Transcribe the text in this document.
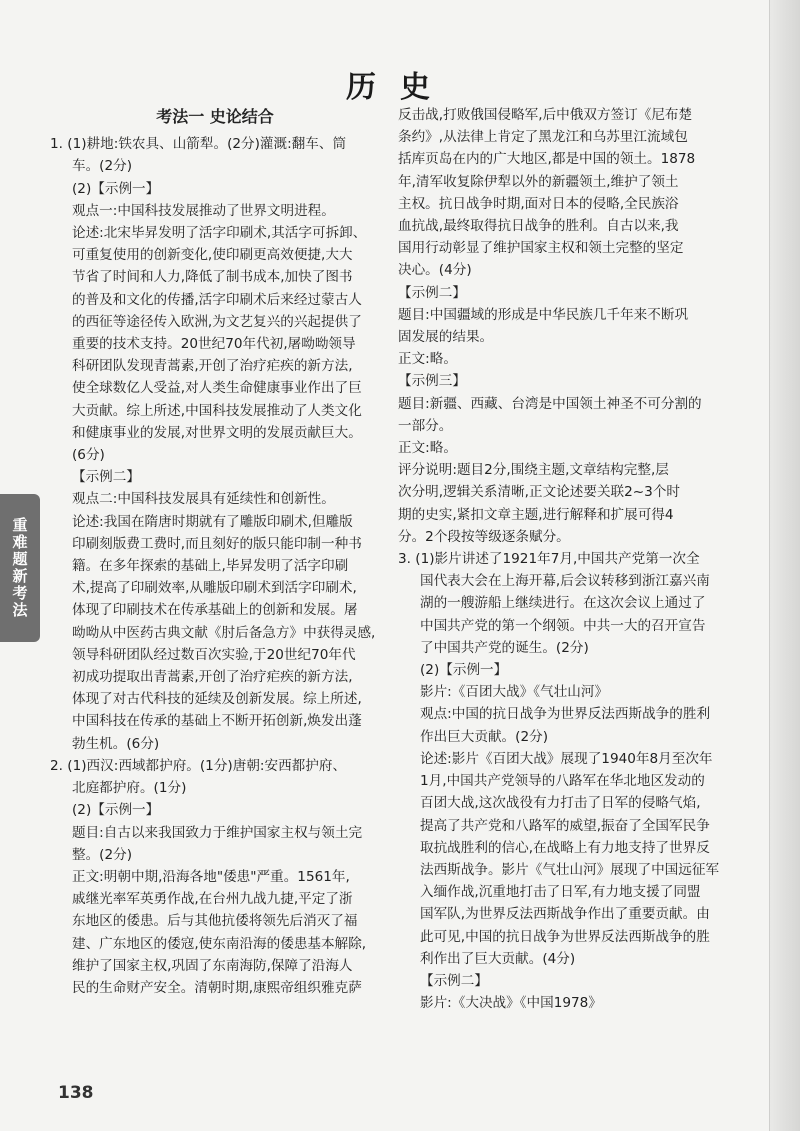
历史
考法一 史论结合
1. (1)耕地:铁农具、山箭犁。(2分)灌溉:翻车、筒
车。(2分)
(2)【示例一】
观点一:中国科技发展推动了世界文明进程。
论述:北宋毕昇发明了活字印刷术,其活字可拆卸、
可重复使用的创新变化,使印刷更高效便捷,大大
节省了时间和人力,降低了制书成本,加快了图书
的普及和文化的传播,活字印刷术后来经过蒙古人
的西征等途径传入欧洲,为文艺复兴的兴起提供了
重要的技术支持。20世纪70年代初,屠呦呦领导
科研团队发现青蒿素,开创了治疗疟疾的新方法,
使全球数亿人受益,对人类生命健康事业作出了巨
大贡献。综上所述,中国科技发展推动了人类文化
和健康事业的发展,对世界文明的发展贡献巨大。
(6分)
【示例二】
观点二:中国科技发展具有延续性和创新性。
论述:我国在隋唐时期就有了雕版印刷术,但雕版
印刷刻版费工费时,而且刻好的版只能印制一种书
籍。在多年探索的基础上,毕昇发明了活字印刷
术,提高了印刷效率,从雕版印刷术到活字印刷术,
体现了印刷技术在传承基础上的创新和发展。屠
呦呦从中医药古典文献《肘后备急方》中获得灵感,
领导科研团队经过数百次实验,于20世纪70年代
初成功提取出青蒿素,开创了治疗疟疾的新方法,
体现了对古代科技的延续及创新发展。综上所述,
中国科技在传承的基础上不断开拓创新,焕发出蓬
勃生机。(6分)
2. (1)西汉:西域都护府。(1分)唐朝:安西都护府、
北庭都护府。(1分)
(2)【示例一】
题目:自古以来我国致力于维护国家主权与领土完
整。(2分)
正文:明朝中期,沿海各地"倭患"严重。1561年,
戚继光率军英勇作战,在台州九战九捷,平定了浙
东地区的倭患。后与其他抗倭将领先后消灭了福
建、广东地区的倭寇,使东南沿海的倭患基本解除,
维护了国家主权,巩固了东南海防,保障了沿海人
民的生命财产安全。清朝时期,康熙帝组织雅克萨
反击战,打败俄国侵略军,后中俄双方签订《尼布楚
条约》,从法律上肯定了黑龙江和乌苏里江流域包
括库页岛在内的广大地区,都是中国的领土。1878
年,清军收复除伊犁以外的新疆领土,维护了领土
主权。抗日战争时期,面对日本的侵略,全民族浴
血抗战,最终取得抗日战争的胜利。自古以来,我
国用行动彰显了维护国家主权和领土完整的坚定
决心。(4分)
【示例二】
题目:中国疆域的形成是中华民族几千年来不断巩
固发展的结果。
正文:略。
【示例三】
题目:新疆、西藏、台湾是中国领土神圣不可分割的
一部分。
正文:略。
评分说明:题目2分,围绕主题,文章结构完整,层
次分明,逻辑关系清晰,正文论述要关联2~3个时
期的史实,紧扣文章主题,进行解释和扩展可得4
分。2个段按等级逐条赋分。
3. (1)影片讲述了1921年7月,中国共产党第一次全
国代表大会在上海开幕,后会议转移到浙江嘉兴南
湖的一艘游船上继续进行。在这次会议上通过了
中国共产党的第一个纲领。中共一大的召开宣告
了中国共产党的诞生。(2分)
(2)【示例一】
影片:《百团大战》《气壮山河》
观点:中国的抗日战争为世界反法西斯战争的胜利
作出巨大贡献。(2分)
论述:影片《百团大战》展现了1940年8月至次年
1月,中国共产党领导的八路军在华北地区发动的
百团大战,这次战役有力打击了日军的侵略气焰,
提高了共产党和八路军的威望,振奋了全国军民争
取抗战胜利的信心,在战略上有力地支持了世界反
法西斯战争。影片《气壮山河》展现了中国远征军
入缅作战,沉重地打击了日军,有力地支援了同盟
国军队,为世界反法西斯战争作出了重要贡献。由
此可见,中国的抗日战争为世界反法西斯战争的胜
利作出了巨大贡献。(4分)
【示例二】
影片:《大决战》《中国1978》
重难题新考法
138
